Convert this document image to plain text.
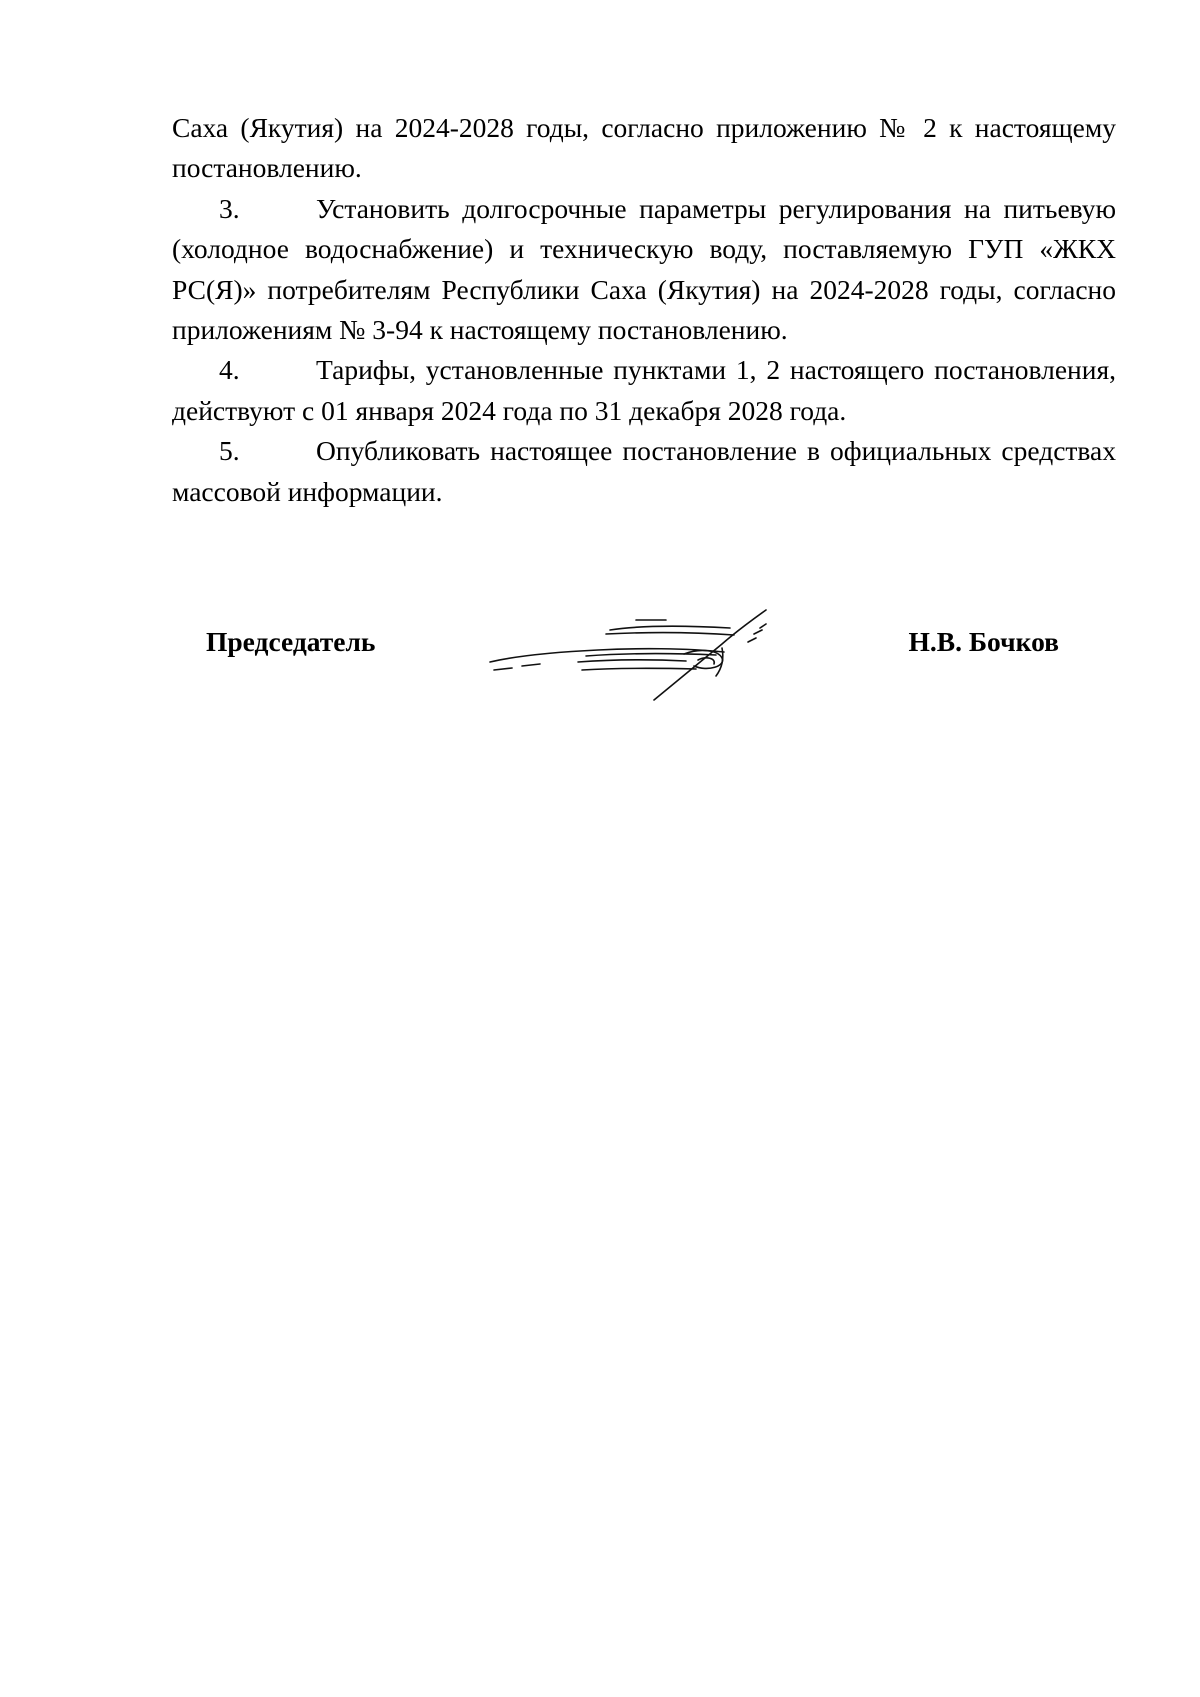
Саха (Якутия) на 2024-2028 годы, согласно приложению № 2 к настоящему постановлению.

3.	Установить долгосрочные параметры регулирования на питьевую (холодное водоснабжение) и техническую воду, поставляемую ГУП «ЖКХ РС(Я)» потребителям Республики Саха (Якутия) на 2024-2028 годы, согласно приложениям № 3-94 к настоящему постановлению.

4.	Тарифы, установленные пунктами 1, 2 настоящего постановления, действуют с 01 января 2024 года по 31 декабря 2028 года.

5.	Опубликовать настоящее постановление в официальных средствах массовой информации.

Председатель	Н.В. Бочков
